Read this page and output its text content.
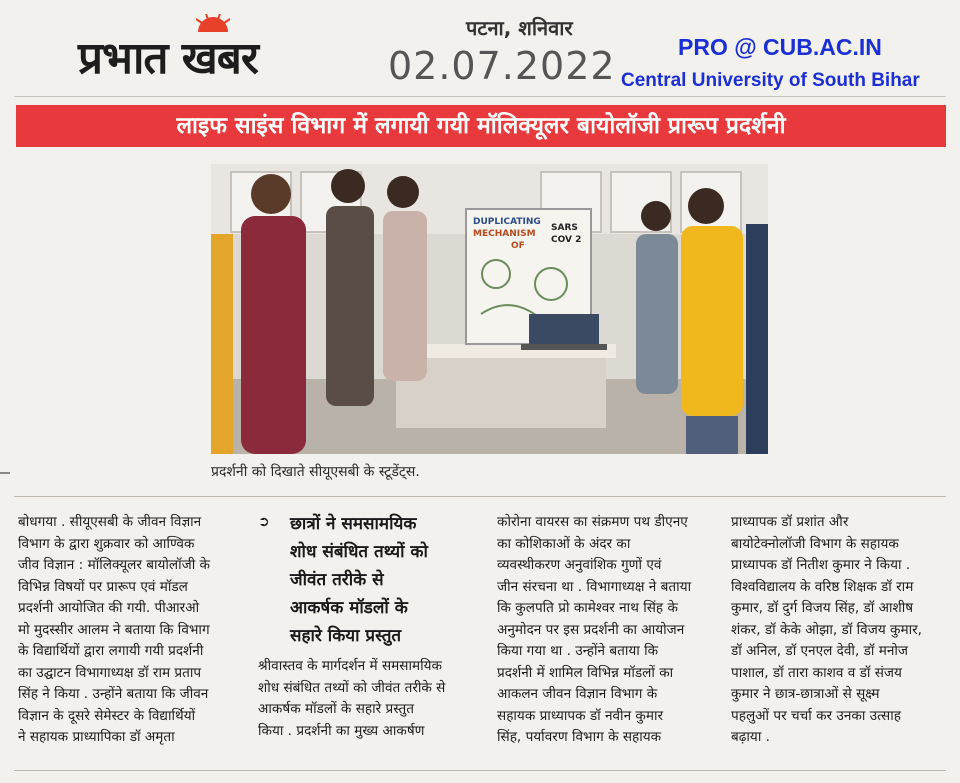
प्रभात खबर
पटना, शनिवार
02.07.2022	PRO @ CUB.AC.IN
Central University of South Bihar
लाइफ साइंस विभाग में लगायी गयी मॉलिक्यूलर बायोलॉजी प्रारूप प्रदर्शनी
DUPLICATING
MECHANISM
SARS
COV 2
OF
प्रदर्शनी को दिखाते सीयूएसबी के स्टूडेंट्स.

बोधगया . सीयूएसबी के जीवन विज्ञान

विभाग के द्वारा शुक्रवार को आण्विक

जीव विज्ञान : मॉलिक्यूलर बायोलॉजी के

विभिन्न विषयों पर प्रारूप एवं मॉडल

प्रदर्शनी आयोजित की गयी. पीआरओ

मो मुदस्सीर आलम ने बताया कि विभाग

के विद्यार्थियों द्वारा लगायी गयी प्रदर्शनी

का उद्घाटन विभागाध्यक्ष डॉ राम प्रताप

सिंह ने किया . उन्होंने बताया कि जीवन

विज्ञान के दूसरे सेमेस्टर के विद्यार्थियों

ने सहायक प्राध्यापिका डॉ अमृता

➲ छात्रों ने समसामयिक

शोध संबंधित तथ्यों को

जीवंत तरीके से

आकर्षक मॉडलों के

सहारे किया प्रस्तुत

श्रीवास्तव के मार्गदर्शन में समसामयिक

शोध संबंधित तथ्यों को जीवंत तरीके से

आकर्षक मॉडलों के सहारे प्रस्तुत

किया . प्रदर्शनी का मुख्य आकर्षण

कोरोना वायरस का संक्रमण पथ डीएनए

का कोशिकाओं के अंदर का

व्यवस्थीकरण अनुवांशिक गुणों एवं

जीन संरचना था . विभागाध्यक्ष ने बताया

कि कुलपति प्रो कामेश्वर नाथ सिंह के

अनुमोदन पर इस प्रदर्शनी का आयोजन

किया गया था . उन्होंने बताया कि

प्रदर्शनी में शामिल विभिन्न मॉडलों का

आकलन जीवन विज्ञान विभाग के

सहायक प्राध्यापक डॉ नवीन कुमार

सिंह, पर्यावरण विभाग के सहायक

प्राध्यापक डॉ प्रशांत और

बायोटेक्नोलॉजी विभाग के सहायक

प्राध्यापक डॉ नितीश कुमार ने किया .

विश्वविद्यालय के वरिष्ठ शिक्षक डॉ राम

कुमार, डॉ दुर्ग विजय सिंह, डॉ आशीष

शंकर, डॉ केके ओझा, डॉ विजय कुमार,

डॉ अनिल, डॉ एनएल देवी, डॉ मनोज

पाशाल, डॉ तारा काशव व डॉ संजय

कुमार ने छात्र-छात्राओं से सूक्ष्म

पहलुओं पर चर्चा कर उनका उत्साह

बढ़ाया .
